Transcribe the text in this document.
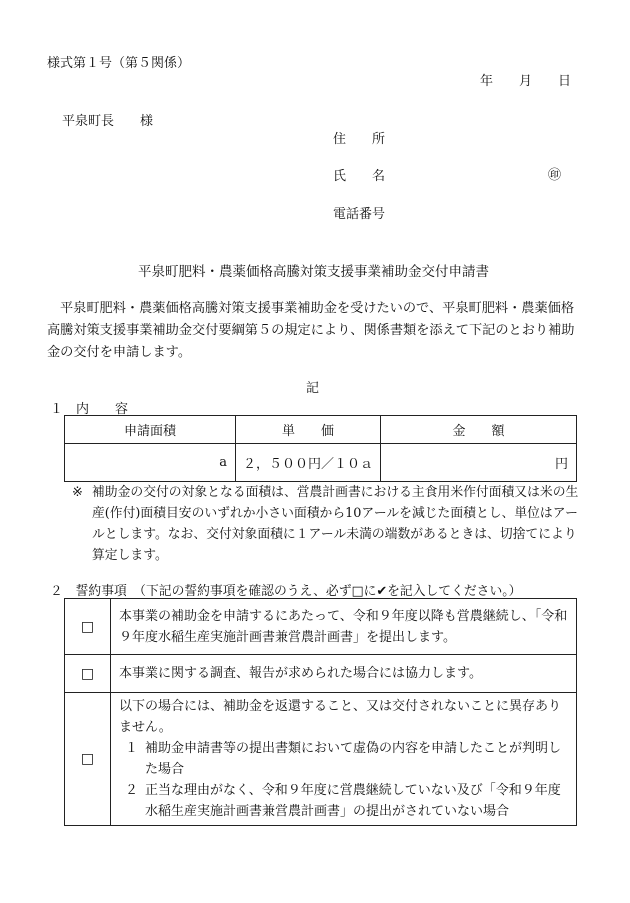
様式第１号（第５関係）
年　　月　　日
平泉町長　　様
住　　所
氏　　名	㊞
電話番号
平泉町肥料・農薬価格高騰対策支援事業補助金交付申請書
平泉町肥料・農薬価格高騰対策支援事業補助金を受けたいので、平泉町肥料・農薬価格高騰対策支援事業補助金交付要綱第５の規定により、関係書類を添えて下記のとおり補助金の交付を申請します。
記
１　内　　容
申請面積	単　　価	金　　額
a	２，５００円／１０ａ	円
※ 補助金の交付の対象となる面積は、営農計画書における主食用米作付面積又は米の生産(作付)面積目安のいずれか小さい面積から10アールを減じた面積とし、単位はアールとします。なお、交付対象面積に１アール未満の端数があるときは、切捨てにより算定します。
２　誓約事項　（下記の誓約事項を確認のうえ、必ず□に✔を記入してください。）
□	本事業の補助金を申請するにあたって、令和９年度以降も営農継続し、「令和９年度水稲生産実施計画書兼営農計画書」を提出します。
□	本事業に関する調査、報告が求められた場合には協力します。
□	以下の場合には、補助金を返還すること、又は交付されないことに異存ありません。
１ 補助金申請書等の提出書類において虚偽の内容を申請したことが判明した場合
２ 正当な理由がなく、令和９年度に営農継続していない及び「令和９年度水稲生産実施計画書兼営農計画書」の提出がされていない場合
